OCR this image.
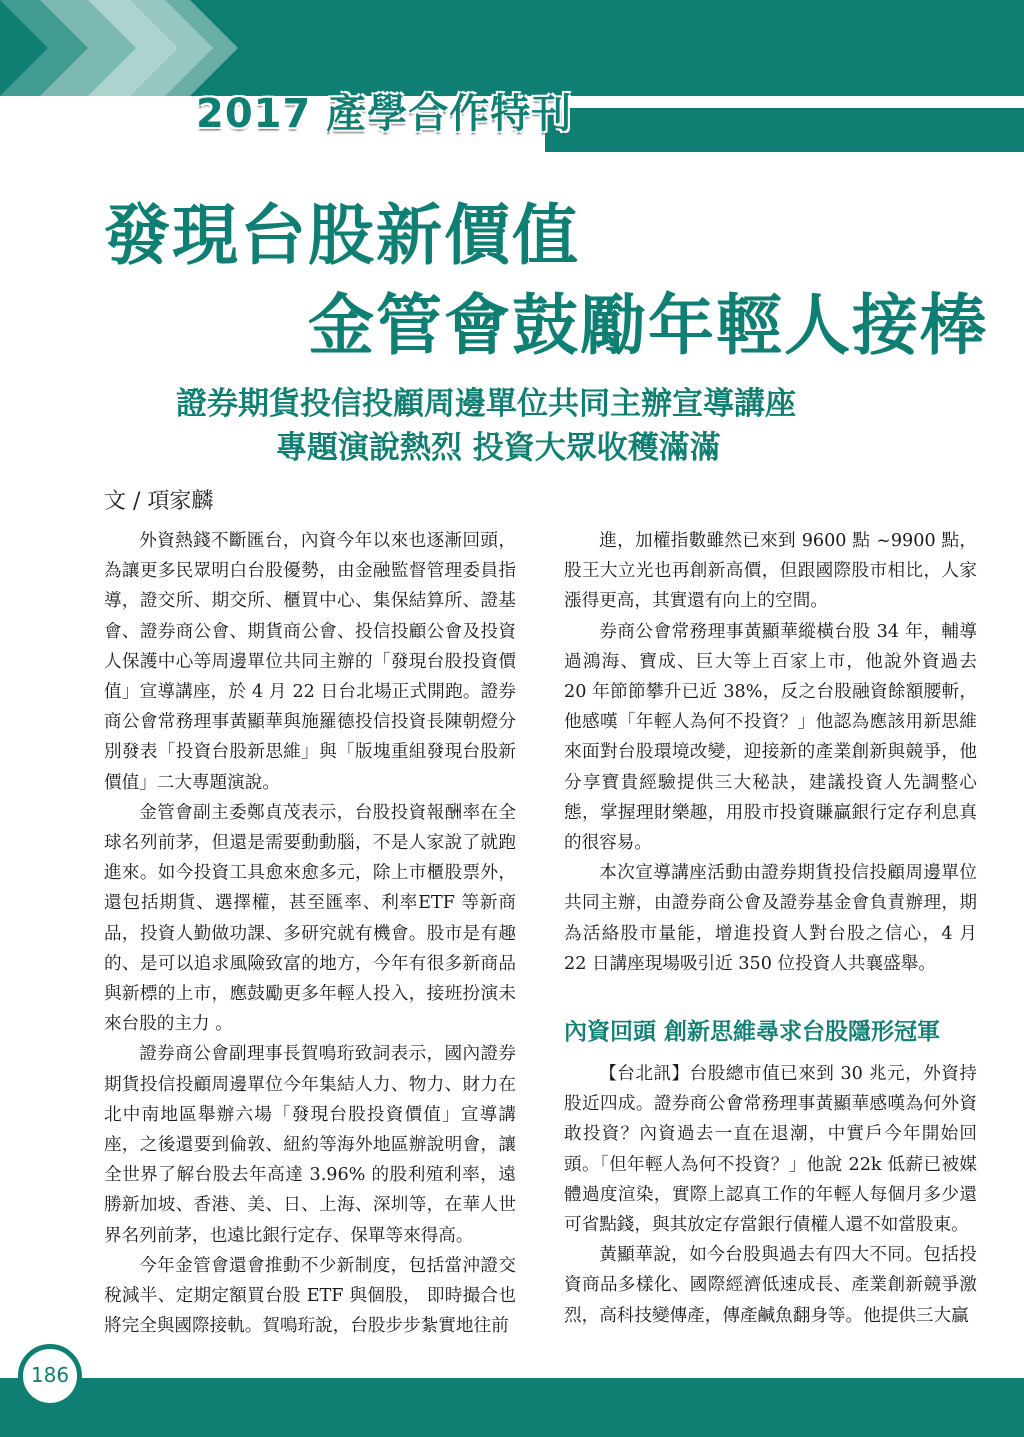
2017 產學合作特刊
發現台股新價值
金管會鼓勵年輕人接棒
證券期貨投信投顧周邊單位共同主辦宣導講座
專題演說熱烈 投資大眾收穫滿滿
文 / 項家麟

外資熱錢不斷匯台，內資今年以來也逐漸回頭，為讓更多民眾明白台股優勢，由金融監督管理委員指導，證交所、期交所、櫃買中心、集保結算所、證基會、證券商公會、期貨商公會、投信投顧公會及投資人保護中心等周邊單位共同主辦的「發現台股投資價值」宣導講座，於 4 月 22 日台北場正式開跑。證券商公會常務理事黃顯華與施羅德投信投資長陳朝燈分別發表「投資台股新思維」與「版塊重組發現台股新價值」二大專題演說。

金管會副主委鄭貞茂表示，台股投資報酬率在全球名列前茅，但還是需要動動腦，不是人家說了就跑進來。如今投資工具愈來愈多元，除上市櫃股票外，還包括期貨、選擇權，甚至匯率、利率ETF 等新商品，投資人勤做功課、多研究就有機會。股市是有趣的、是可以追求風險致富的地方，今年有很多新商品與新標的上市，應鼓勵更多年輕人投入，接班扮演未來台股的主力 。

證券商公會副理事長賀鳴珩致詞表示，國內證券期貨投信投顧周邊單位今年集結人力、物力、財力在北中南地區舉辦六場「發現台股投資價值」宣導講座，之後還要到倫敦、紐約等海外地區辦說明會，讓全世界了解台股去年高達 3.96% 的股利殖利率，遠勝新加坡、香港、美、日、上海、深圳等，在華人世界名列前茅，也遠比銀行定存、保單等來得高。

今年金管會還會推動不少新制度，包括當沖證交稅減半、定期定額買台股 ETF 與個股， 即時撮合也將完全與國際接軌。賀鳴珩說，台股步步紮實地往前

進，加權指數雖然已來到 9600 點 ~9900 點，股王大立光也再創新高價，但跟國際股市相比，人家漲得更高，其實還有向上的空間。

券商公會常務理事黃顯華縱橫台股 34 年，輔導過鴻海、寶成、巨大等上百家上市，他說外資過去 20 年節節攀升已近 38%，反之台股融資餘額腰斬，他感嘆「年輕人為何不投資？」他認為應該用新思維來面對台股環境改變，迎接新的產業創新與競爭，他分享寶貴經驗提供三大秘訣，建議投資人先調整心態，掌握理財樂趣，用股市投資賺贏銀行定存利息真的很容易。

本次宣導講座活動由證券期貨投信投顧周邊單位共同主辦，由證券商公會及證券基金會負責辦理，期為活絡股市量能，增進投資人對台股之信心，4 月 22 日講座現場吸引近 350 位投資人共襄盛舉。

內資回頭 創新思維尋求台股隱形冠軍

【台北訊】台股總市值已來到 30 兆元，外資持股近四成。證券商公會常務理事黃顯華感嘆為何外資敢投資？內資過去一直在退潮，中實戶今年開始回頭。「但年輕人為何不投資？」他說 22k 低薪已被媒體過度渲染，實際上認真工作的年輕人每個月多少還可省點錢，與其放定存當銀行債權人還不如當股東。

黃顯華說，如今台股與過去有四大不同。包括投資商品多樣化、國際經濟低速成長、產業創新競爭激烈，高科技變傳產，傳產鹹魚翻身等。他提供三大贏

186
